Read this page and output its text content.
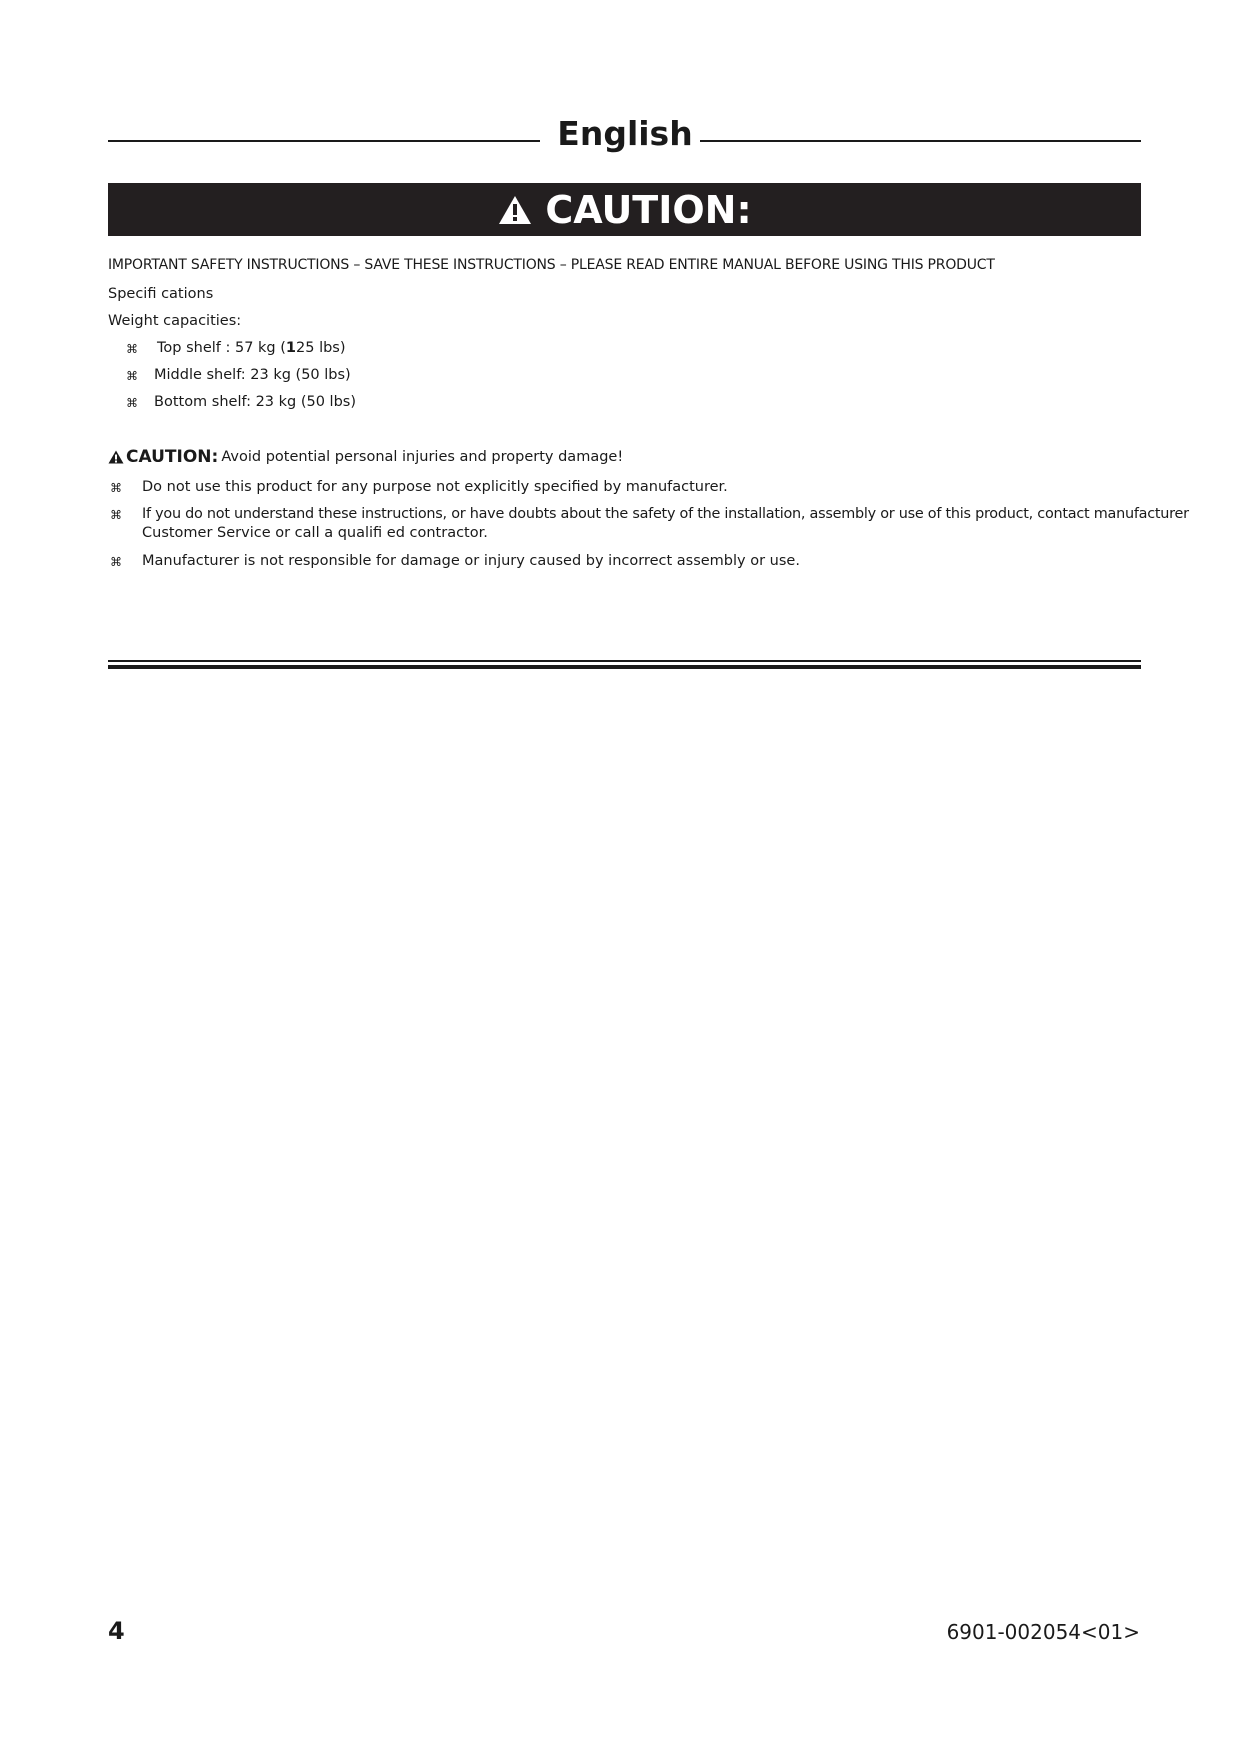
English
CAUTION:
IMPORTANT SAFETY INSTRUCTIONS – SAVE THESE INSTRUCTIONS – PLEASE READ ENTIRE MANUAL BEFORE USING THIS PRODUCT
Specifi cations
Weight capacities:
⌘ Top shelf : 57 kg (125 lbs)
⌘ Middle shelf: 23 kg (50 lbs)
⌘ Bottom shelf: 23 kg (50 lbs)
CAUTION: Avoid potential personal injuries and property damage!
⌘ Do not use this product for any purpose not explicitly specified by manufacturer.
⌘ If you do not understand these instructions, or have doubts about the safety of the installation, assembly or use of this product, contact manufacturer
Customer Service or call a qualifi ed contractor.
⌘ Manufacturer is not responsible for damage or injury caused by incorrect assembly or use.
4	6901-002054<01>
